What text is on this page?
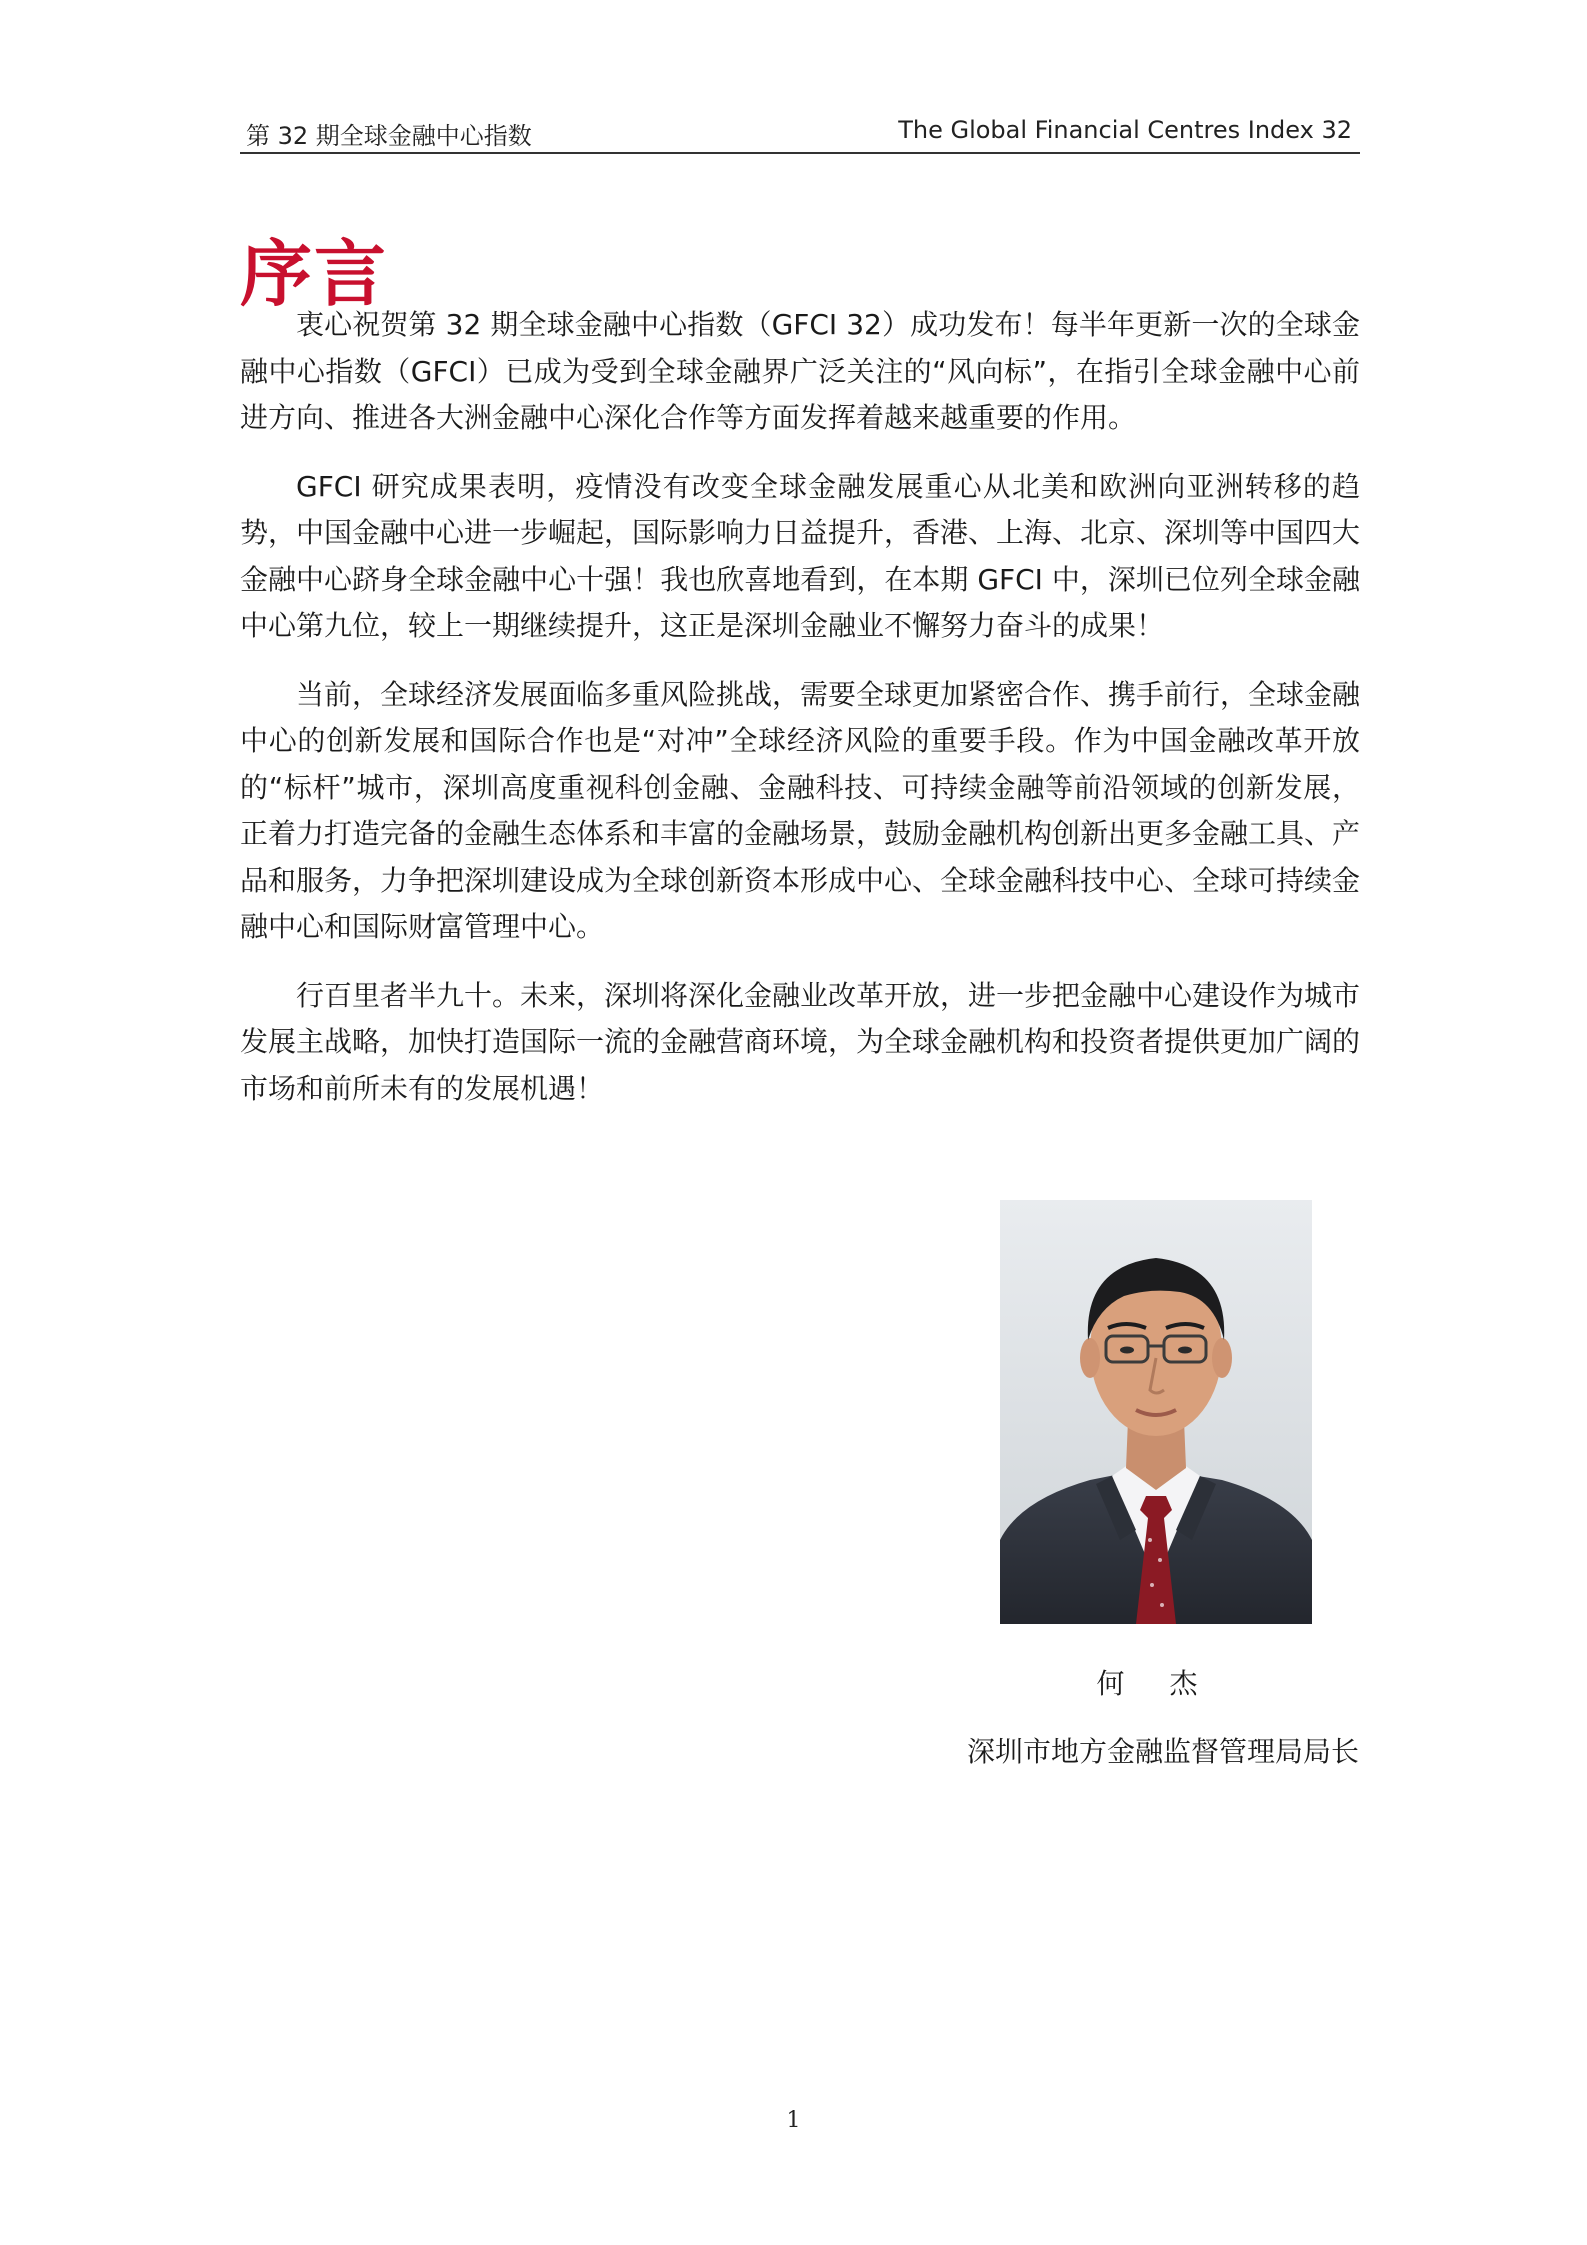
第 32 期全球金融中心指数	The Global Financial Centres Index 32
序言

衷心祝贺第 32 期全球金融中心指数（GFCI 32）成功发布！每半年更新一次的全球金融中心指数（GFCI）已成为受到全球金融界广泛关注的“风向标”，在指引全球金融中心前进方向、推进各大洲金融中心深化合作等方面发挥着越来越重要的作用。

GFCI 研究成果表明，疫情没有改变全球金融发展重心从北美和欧洲向亚洲转移的趋势，中国金融中心进一步崛起，国际影响力日益提升，香港、上海、北京、深圳等中国四大金融中心跻身全球金融中心十强！我也欣喜地看到，在本期 GFCI 中，深圳已位列全球金融中心第九位，较上一期继续提升，这正是深圳金融业不懈努力奋斗的成果！

当前，全球经济发展面临多重风险挑战，需要全球更加紧密合作、携手前行，全球金融中心的创新发展和国际合作也是“对冲”全球经济风险的重要手段。作为中国金融改革开放的“标杆”城市，深圳高度重视科创金融、金融科技、可持续金融等前沿领域的创新发展，正着力打造完备的金融生态体系和丰富的金融场景，鼓励金融机构创新出更多金融工具、产品和服务，力争把深圳建设成为全球创新资本形成中心、全球金融科技中心、全球可持续金融中心和国际财富管理中心。

行百里者半九十。未来，深圳将深化金融业改革开放，进一步把金融中心建设作为城市发展主战略，加快打造国际一流的金融营商环境，为全球金融机构和投资者提供更加广阔的市场和前所未有的发展机遇！

何 杰
深圳市地方金融监督管理局局长
1
